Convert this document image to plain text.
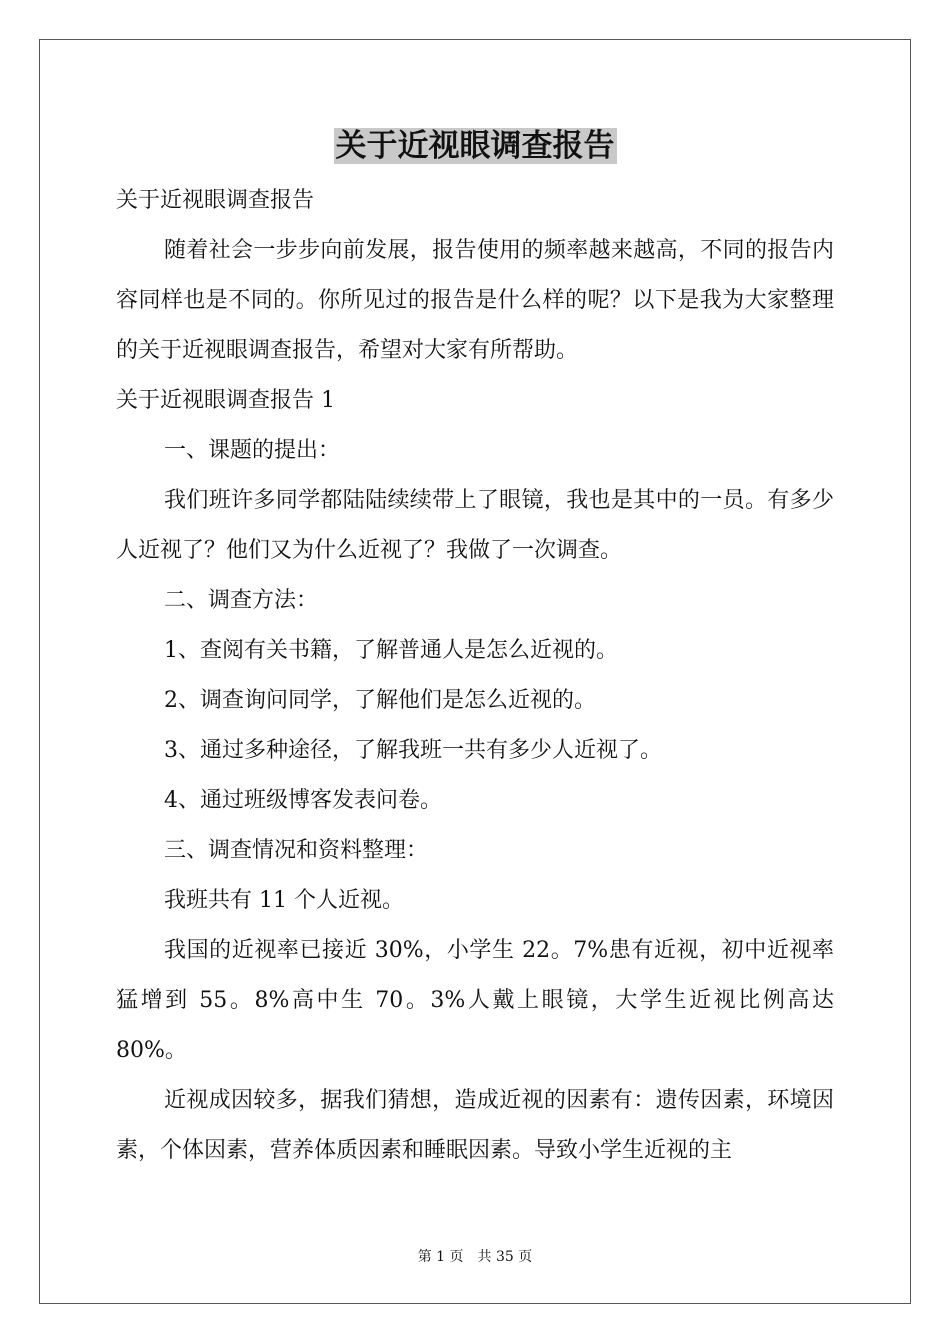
关于近视眼调查报告

关于近视眼调查报告

随着社会一步步向前发展，报告使用的频率越来越高，不同的报告内容同样也是不同的。你所见过的报告是什么样的呢？以下是我为大家整理的关于近视眼调查报告，希望对大家有所帮助。

关于近视眼调查报告 1

一、课题的提出：

我们班许多同学都陆陆续续带上了眼镜，我也是其中的一员。有多少人近视了？他们又为什么近视了？我做了一次调查。

二、调查方法：

1、查阅有关书籍，了解普通人是怎么近视的。

2、调查询问同学，了解他们是怎么近视的。

3、通过多种途径，了解我班一共有多少人近视了。

4、通过班级博客发表问卷。

三、调查情况和资料整理：

我班共有 11 个人近视。

我国的近视率已接近 30%，小学生 22。7%患有近视，初中近视率猛增到 55。8%高中生 70。3%人戴上眼镜，大学生近视比例高达 80%。

近视成因较多，据我们猜想，造成近视的因素有：遗传因素，环境因素，个体因素，营养体质因素和睡眠因素。导致小学生近视的主

第 1 页 共 35 页
